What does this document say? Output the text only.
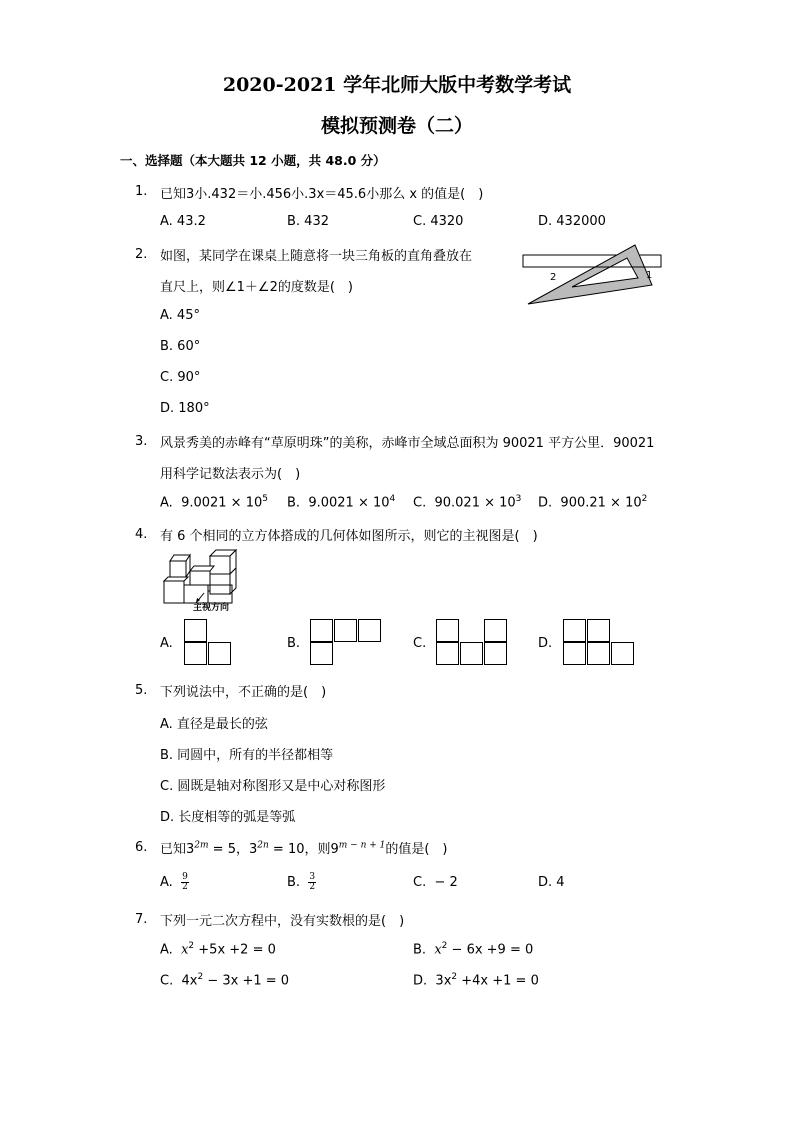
2020-2021 学年北师大版中考数学考试
模拟预测卷（二）
一、选择题（本大题共 12 小题，共 48.0 分）
1. 已知3小.432＝小.456小.3x＝45.6小那么 x 的值是(　)
A. 43.2	B. 432	C. 4320	D. 432000
2. 如图，某同学在课桌上随意将一块三角板的直角叠放在
直尺上，则∠1＋∠2的度数是(　)
2	1
A. 45°
B. 60°
C. 90°
D. 180°
3. 风景秀美的赤峰有“草原明珠”的美称，赤峰市全域总面积为 90021 平方公里．90021
用科学记数法表示为(　)
A. $9.0021 \times 10^5$ B. $9.0021 \times 10^4$ C. $90.021 \times 10^3$ D. $900.21 \times 10^2$
4. 有 6 个相同的立方体搭成的几何体如图所示，则它的主视图是(　)
主视方向
A.	B.	C.	D.
5. 下列说法中，不正确的是(　)
A. 直径是最长的弦
B. 同圆中，所有的半径都相等
C. 圆既是轴对称图形又是中心对称图形
D. 长度相等的弧是等弧
6. 已知$3^{2m} = 5$，$3^{2n} = 10$，则$9^{m - n + 1}$的值是(　)
A. $\frac{9}{2}$	B. $\frac{3}{2}$	C. − 2	D. 4
7. 下列一元二次方程中，没有实数根的是(　)
A. $x^2 +5x +2 = 0$	B. $x^2 - 6x +9 = 0$
C. $4x^2 - 3x +1 = 0$	D. $3x^2 +4x +1 = 0$
